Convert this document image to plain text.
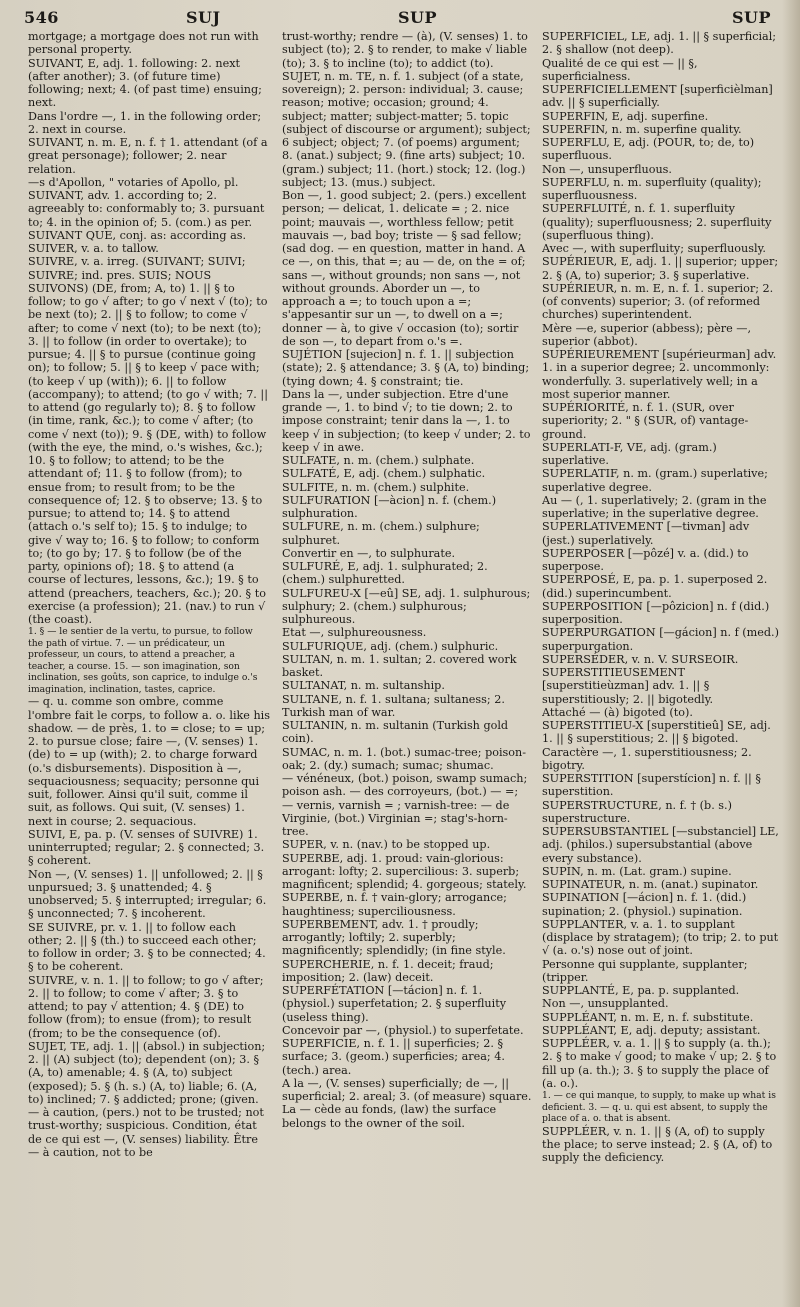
546	SUJ	SUP	SUP

mortgage; a mortgage does not run with personal property.

SUIVANT, E, adj. 1. following: 2. next (after another); 3. (of future time) following; next; 4. (of past time) ensuing; next.

Dans l'ordre —, 1. in the following order; 2. next in course.

SUIVANT, n. m. E, n. f. † 1. attendant (of a great personage); follower; 2. near relation.

—s d'Apollon, " votaries of Apollo, pl.

SUIVANT, adv. 1. according to; 2. agreeably to: conformably to; 3. pursuant to; 4. in the opinion of; 5. (com.) as per.

SUIVANT QUE, conj. as: according as.

SUIVER, v. a. to tallow.

SUIVRE, v. a. irreg. (SUIVANT; SUIVI; SUIVRE; ind. pres. SUIS; NOUS SUIVONS) (DE, from; A, to) 1. || § to follow; to go √ after; to go √ next √ (to); to be next (to); 2. || § to follow; to come √ after; to come √ next (to); to be next (to); 3. || to follow (in order to overtake); to pursue; 4. || § to pursue (continue going on); to follow; 5. || § to keep √ pace with; (to keep √ up (with)); 6. || to follow (accompany); to attend; (to go √ with; 7. || to attend (go regularly to); 8. § to follow (in time, rank, &c.); to come √ after; (to come √ next (to)); 9. § (DE, with) to follow (with the eye, the mind, o.'s wishes, &c.); 10. § to follow; to attend; to be the attendant of; 11. § to follow (from); to ensue from; to result from; to be the consequence of; 12. § to observe; 13. § to pursue; to attend to; 14. § to attend (attach o.'s self to); 15. § to indulge; to give √ way to; 16. § to follow; to conform to; (to go by; 17. § to follow (be of the party, opinions of); 18. § to attend (a course of lectures, lessons, &c.); 19. § to attend (preachers, teachers, &c.); 20. § to exercise (a profession); 21. (nav.) to run √ (the coast).

1. § — le sentier de la vertu, to pursue, to follow the path of virtue. 7. — un prédicateur, un professeur, un cours, to attend a preacher, a teacher, a course. 15. — son imagination, son inclination, ses goûts, son caprice, to indulge o.'s imagination, inclination, tastes, caprice.

— q. u. comme son ombre, comme l'ombre fait le corps, to follow a. o. like his shadow. — de près, 1. to = close; to = up; 2. to pursue close; faire —, (V. senses) 1. (de) to = up (with); 2. to charge forward (o.'s disbursements). Disposition à —, sequaciousness; sequacity; personne qui suit, follower. Ainsi qu'il suit, comme il suit, as follows. Qui suit, (V. senses) 1. next in course; 2. sequacious.

SUIVI, E, pa. p. (V. senses of SUIVRE) 1. uninterrupted; regular; 2. § connected; 3. § coherent.

Non —, (V. senses) 1. || unfollowed; 2. || § unpursued; 3. § unattended; 4. § unobserved; 5. § interrupted; irregular; 6. § unconnected; 7. § incoherent.

SE SUIVRE, pr. v. 1. || to follow each other; 2. || § (th.) to succeed each other; to follow in order; 3. § to be connected; 4. § to be coherent.

SUIVRE, v. n. 1. || to follow; to go √ after; 2. || to follow; to come √ after; 3. § to attend; to pay √ attention; 4. § (DE) to follow (from); to ensue (from); to result (from; to be the consequence (of).

SUJET, TE, adj. 1. || (absol.) in subjection; 2. || (A) subject (to); dependent (on); 3. § (A, to) amenable; 4. § (A, to) subject (exposed); 5. § (h. s.) (A, to) liable; 6. (A, to) inclined; 7. § addicted; prone; (given.

— à caution, (pers.) not to be trusted; not trust-worthy; suspicious. Condition, état de ce qui est —, (V. senses) liability. Être — à caution, not to be

trust-worthy; rendre — (à), (V. senses) 1. to subject (to); 2. § to render, to make √ liable (to); 3. § to incline (to); to addict (to).

SUJET, n. m. TE, n. f. 1. subject (of a state, sovereign); 2. person: individual; 3. cause; reason; motive; occasion; ground; 4. subject; matter; subject-matter; 5. topic (subject of discourse or argument); subject; 6 subject; object; 7. (of poems) argument; 8. (anat.) subject; 9. (fine arts) subject; 10. (gram.) subject; 11. (hort.) stock; 12. (log.) subject; 13. (mus.) subject.

Bon —, 1. good subject; 2. (pers.) excellent person; — delicat, 1. delicate = ; 2. nice point; mauvais —, worthless fellow; petit mauvais —, bad boy; triste — § sad fellow; (sad dog. — en question, matter in hand. A ce —, on this, that =; au — de, on the = of; sans —, without grounds; non sans —, not without grounds. Aborder un —, to approach a =; to touch upon a =; s'appesantir sur un —, to dwell on a =; donner — à, to give √ occasion (to); sortir de son —, to depart from o.'s =.

SUJÉTION [sujecion] n. f. 1. || subjection (state); 2. § attendance; 3. § (A, to) binding; (tying down; 4. § constraint; tie.

Dans la —, under subjection. Etre d'une grande —, 1. to bind √; to tie down; 2. to impose constraint; tenir dans la —, 1. to keep √ in subjection; (to keep √ under; 2. to keep √ in awe.

SULFATE, n. m. (chem.) sulphate.

SULFATÉ, E, adj. (chem.) sulphatic.

SULFITE, n. m. (chem.) sulphite.

SULFURATION [—àcion] n. f. (chem.) sulphuration.

SULFURE, n. m. (chem.) sulphure; sulphuret.

Convertir en —, to sulphurate.

SULFURÉ, E, adj. 1. sulphurated; 2. (chem.) sulphuretted.

SULFUREU-X [—eû] SE, adj. 1. sulphurous; sulphury; 2. (chem.) sulphurous; sulphureous.

Etat —, sulphureousness.

SULFURIQUE, adj. (chem.) sulphuric.

SULTAN, n. m. 1. sultan; 2. covered work basket.

SULTANAT, n. m. sultanship.

SULTANE, n. f. 1. sultana; sultaness; 2. Turkish man of war.

SULTANIN, n. m. sultanin (Turkish gold coin).

SUMAC, n. m. 1. (bot.) sumac-tree; poison-oak; 2. (dy.) sumach; sumac; shumac.

— vénéneux, (bot.) poison, swamp sumach; poison ash. — des corroyeurs, (bot.) — =; — vernis, varnish = ; varnish-tree: — de Virginie, (bot.) Virginian =; stag's-horn-tree.

SUPER, v. n. (nav.) to be stopped up.

SUPERBE, adj. 1. proud: vain-glorious: arrogant: lofty; 2. supercilious: 3. superb; magnificent; splendid; 4. gorgeous; stately.

SUPERBE, n. f. † vain-glory; arrogance; haughtiness; superciliousness.

SUPERBEMENT, adv. 1. † proudly; arrogantly; loftily; 2. superbly; magnificently; splendidly; (in fine style.

SUPERCHERIE, n. f. 1. deceit; fraud; imposition; 2. (law) deceit.

SUPERFÉTATION [—tácion] n. f. 1. (physiol.) superfetation; 2. § superfluity (useless thing).

Concevoir par —, (physiol.) to superfetate.

SUPERFICIE, n. f. 1. || superficies; 2. § surface; 3. (geom.) superficies; area; 4. (tech.) area.

A la —, (V. senses) superficially; de —, || superficial; 2. areal; 3. (of measure) square. La — cède au fonds, (law) the surface belongs to the owner of the soil.

SUPERFICIEL, LE, adj. 1. || § superficial; 2. § shallow (not deep).

Qualité de ce qui est — || §, superficialness.

SUPERFICIELLEMENT [superficièlman] adv. || § superficially.

SUPERFIN, E, adj. superfine.

SUPERFIN, n. m. superfine quality.

SUPERFLU, E, adj. (POUR, to; de, to) superfluous.

Non —, unsuperfluous.

SUPERFLU, n. m. superfluity (quality); superfluousness.

SUPERFLUITÉ, n. f. 1. superfluity (quality); superfluousness; 2. superfluity (superfluous thing).

Avec —, with superfluity; superfluously.

SUPÉRIEUR, E, adj. 1. || superior; upper; 2. § (A, to) superior; 3. § superlative.

SUPÉRIEUR, n. m. E, n. f. 1. superior; 2. (of convents) superior; 3. (of reformed churches) superintendent.

Mère —e, superior (abbess); père —, superior (abbot).

SUPÉRIEUREMENT [supérieurman] adv. 1. in a superior degree; 2. uncommonly: wonderfully. 3. superlatively well; in a most superior manner.

SUPÉRIORITÉ, n. f. 1. (SUR, over superiority; 2. " § (SUR, of) vantage-ground.

SUPERLATI-F, VE, adj. (gram.) superlative.

SUPERLATIF, n. m. (gram.) superlative; superlative degree.

Au — (, 1. superlatively; 2. (gram in the superlative; in the superlative degree.

SUPERLATIVEMENT [—tivman] adv (jest.) superlatively.

SUPERPOSER [—pôzé] v. a. (did.) to superpose.

SUPERPOSÉ, E, pa. p. 1. superposed 2. (did.) superincumbent.

SUPERPOSITION [—pôzicion] n. f (did.) superposition.

SUPERPURGATION [—gácion] n. f (med.) superpurgation.

SUPERSÉDER, v. n. V. SURSEOIR.

SUPERSTITIEUSEMENT [superstitieùzman] adv. 1. || § superstitiously; 2. || bigotedly.

Attaché — (à) bigoted (to).

SUPERSTITIEU-X [superstitieû] SE, adj. 1. || § superstitious; 2. || § bigoted.

Caractère —, 1. superstitiousness; 2. bigotry.

SUPERSTITION [superstícion] n. f. || § superstition.

SUPERSTRUCTURE, n. f. † (b. s.) superstructure.

SUPERSUBSTANTIEL [—substanciel] LE, adj. (philos.) supersubstantial (above every substance).

SUPIN, n. m. (Lat. gram.) supine.

SUPINATEUR, n. m. (anat.) supinator.

SUPINATION [—ácion] n. f. 1. (did.) supination; 2. (physiol.) supination.

SUPPLANTER, v. a. 1. to supplant (displace by stratagem); (to trip; 2. to put √ (a. o.'s) nose out of joint.

Personne qui supplante, supplanter; (tripper.

SUPPLANTÉ, E, pa. p. supplanted.

Non —, unsupplanted.

SUPPLÉANT, n. m. E, n. f. substitute.

SUPPLÉANT, E, adj. deputy; assistant.

SUPPLÉER, v. a. 1. || § to supply (a. th.); 2. § to make √ good; to make √ up; 2. § to fill up (a. th.); 3. § to supply the place of (a. o.).

1. — ce qui manque, to supply, to make up what is deficient. 3. — q. u. qui est absent, to supply the place of a. o. that is absent.

SUPPLÉER, v. n. 1. || § (A, of) to supply the place; to serve instead; 2. § (A, of) to supply the deficiency.
